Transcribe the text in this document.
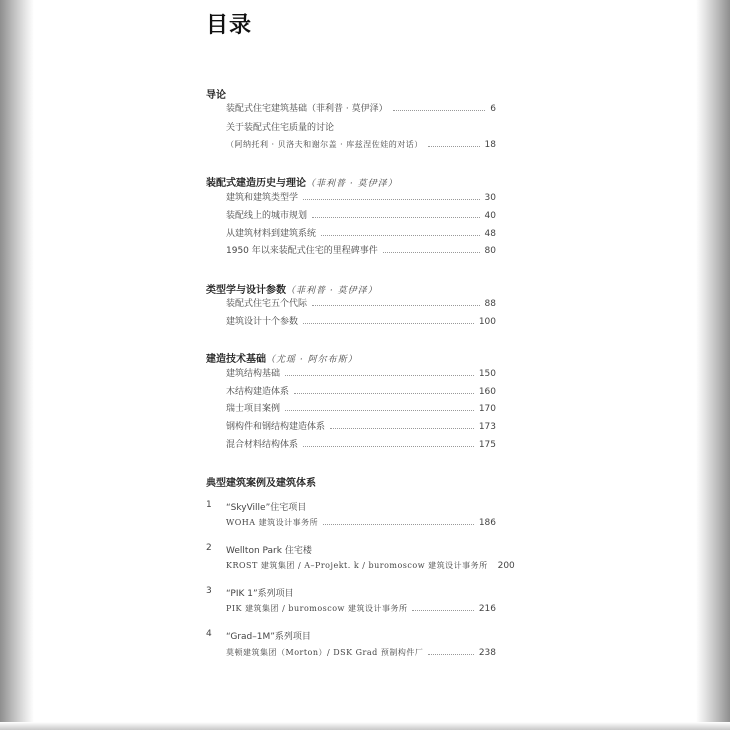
目录
导论
装配式住宅建筑基础（菲利普 · 莫伊泽）	6
关于装配式住宅质量的讨论
（阿纳托利 · 贝洛夫和谢尔盖 · 库兹涅佐娃的对话）	18
装配式建造历史与理论（菲利普 · 莫伊泽）
建筑和建筑类型学	30
装配线上的城市规划	40
从建筑材料到建筑系统	48
1950 年以来装配式住宅的里程碑事件	80
类型学与设计参数（菲利普 · 莫伊泽）
装配式住宅五个代际	88
建筑设计十个参数	100
建造技术基础（尤瑶 · 阿尔布斯）
建筑结构基础	150
木结构建造体系	160
瑞士项目案例	170
钢构件和钢结构建造体系	173
混合材料结构体系	175
典型建筑案例及建筑体系
1 “SkyVille”住宅项目
WOHA 建筑设计事务所	186
2 Wellton Park 住宅楼
KROST 建筑集团 / A–Projekt. k / buromoscow 建筑设计事务所 200
3 “PIK 1”系列项目
PIK 建筑集团 / buromoscow 建筑设计事务所	216
4 “Grad–1M”系列项目
莫顿建筑集团（Morton）/ DSK Grad 预制构件厂	238
